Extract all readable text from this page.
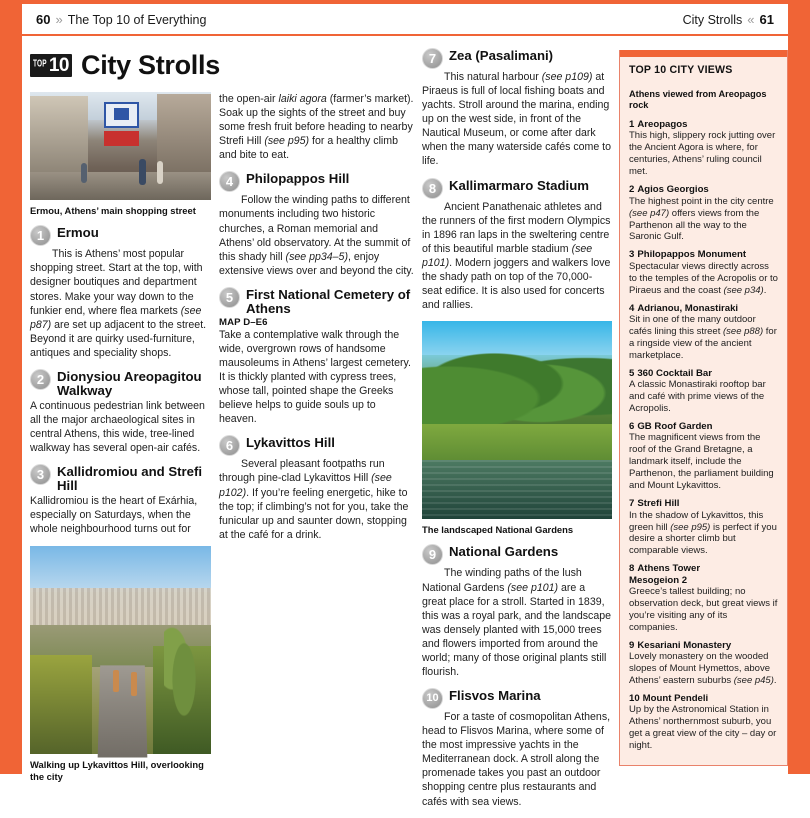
60 » The Top 10 of Everything	City Strolls « 61
TOP 10 City Strolls
Ermou, Athens’ main shopping street
1 Ermou
This is Athens’ most popular shopping street. Start at the top, with designer boutiques and department stores. Make your way down to the funkier end, where flea markets (see p87) are set up adjacent to the street. Beyond it are quirky used-furniture, antiques and speciality shops.
2 Dionysiou Areopagitou Walkway
A continuous pedestrian link between all the major archaeological sites in central Athens, this wide, tree-lined walkway has several open-air cafés.
3 Kallidromiou and Strefi Hill
Kallidromiou is the heart of Exárhia, especially on Saturdays, when the whole neighbourhood turns out for
Walking up Lykavittos Hill, overlooking the city
the open-air laiki agora (farmer’s market). Soak up the sights of the street and buy some fresh fruit before heading to nearby Strefi Hill (see p95) for a healthy climb and bite to eat.
4 Philopappos Hill
Follow the winding paths to different monuments including two historic churches, a Roman memorial and Athens’ old observatory. At the summit of this shady hill (see pp34–5), enjoy extensive views over and beyond the city.
5 First National Cemetery of Athens
MAP D–E6
Take a contemplative walk through the wide, overgrown rows of handsome mausoleums in Athens’ largest cemetery. It is thickly planted with cypress trees, whose tall, pointed shape the Greeks believe helps to guide souls up to heaven.
6 Lykavittos Hill
Several pleasant footpaths run through pine-clad Lykavittos Hill (see p102). If you’re feeling energetic, hike to the top; if climbing’s not for you, take the funicular up and saunter down, stopping at the café for a drink.
7 Zea (Pasalimani)
This natural harbour (see p109) at Piraeus is full of local fishing boats and yachts. Stroll around the marina, ending up on the west side, in front of the Nautical Museum, or come after dark when the many waterside cafés come to life.
8 Kallimarmaro Stadium
Ancient Panathenaic athletes and the runners of the first modern Olympics in 1896 ran laps in the sweltering centre of this beautiful marble stadium (see p101). Modern joggers and walkers love the shady path on top of the 70,000-seat edifice. It is also used for concerts and rallies.
The landscaped National Gardens
9 National Gardens
The winding paths of the lush National Gardens (see p101) are a great place for a stroll. Started in 1839, this was a royal park, and the landscape was densely planted with 15,000 trees and flowers imported from around the world; many of those original plants still flourish.
10 Flisvos Marina
For a taste of cosmopolitan Athens, head to Flisvos Marina, where some of the most impressive yachts in the Mediterranean dock. A stroll along the promenade takes you past an outdoor shopping centre plus restaurants and cafés with sea views.
TOP 10 CITY VIEWS
Athens viewed from Areopagos rock
1 Areopagos
This high, slippery rock jutting over the Ancient Agora is where, for centuries, Athens’ ruling council met.
2 Agios Georgios
The highest point in the city centre (see p47) offers views from the Parthenon all the way to the Saronic Gulf.
3 Philopappos Monument
Spectacular views directly across to the temples of the Acropolis or to Piraeus and the coast (see p34).
4 Adrianou, Monastiraki
Sit in one of the many outdoor cafés lining this street (see p88) for a ringside view of the ancient marketplace.
5 360 Cocktail Bar
A classic Monastiraki rooftop bar and café with prime views of the Acropolis.
6 GB Roof Garden
The magnificent views from the roof of the Grand Bretagne, a landmark itself, include the Parthenon, the parliament building and Mount Lykavittos.
7 Strefi Hill
In the shadow of Lykavittos, this green hill (see p95) is perfect if you desire a shorter climb but comparable views.
8 Athens Tower
Mesogeion 2
Greece’s tallest building; no observation deck, but great views if you’re visiting any of its companies.
9 Kesariani Monastery
Lovely monastery on the wooded slopes of Mount Hymettos, above Athens’ eastern suburbs (see p45).
10 Mount Pendeli
Up by the Astronomical Station in Athens’ northernmost suburb, you get a great view of the city – day or night.
